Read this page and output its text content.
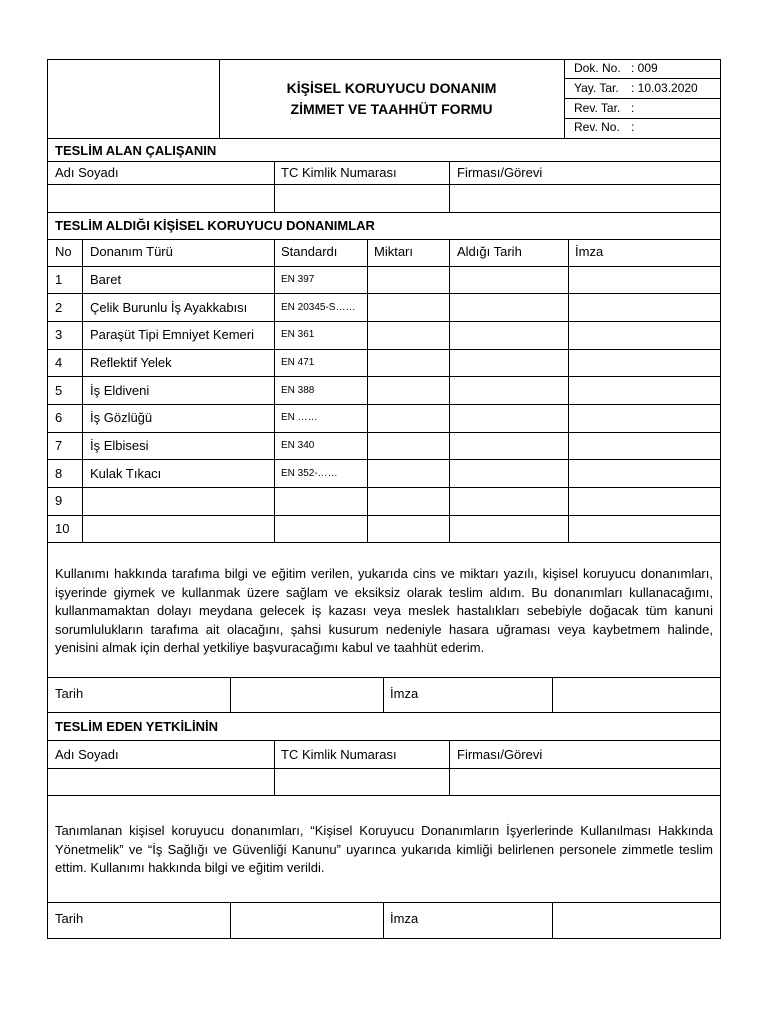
KİŞİSEL KORUYUCU DONANIM
ZİMMET VE TAAHHÜT FORMU
Dok. No. : 009
Yay. Tar. : 10.03.2020
Rev. Tar. :
Rev. No. :
TESLİM ALAN ÇALIŞANIN
Adı Soyadı	TC Kimlik Numarası	Firması/Görevi
TESLİM ALDIĞI KİŞİSEL KORUYUCU DONANIMLAR
No Donanım Türü	Standardı	Miktarı	Aldığı Tarih	İmza
1 Baret	EN 397
2 Çelik Burunlu İş Ayakkabısı	EN 20345-S……
3 Paraşüt Tipi Emniyet Kemeri	EN 361
4 Reflektif Yelek	EN 471
5 İş Eldiveni	EN 388
6 İş Gözlüğü	EN ……
7 İş Elbisesi	EN 340
8 Kulak Tıkacı	EN 352-……
9
10
Kullanımı hakkında tarafıma bilgi ve eğitim verilen, yukarıda cins ve miktarı yazılı, kişisel koruyucu donanımları, işyerinde giymek ve kullanmak üzere sağlam ve eksiksiz olarak teslim aldım. Bu donanımları kullanacağımı, kullanmamaktan dolayı meydana gelecek iş kazası veya meslek hastalıkları sebebiyle doğacak tüm kanuni sorumlulukların tarafıma ait olacağını, şahsi kusurum nedeniyle hasara uğraması veya kaybetmem halinde, yenisini almak için derhal yetkiliye başvuracağımı kabul ve taahhüt ederim.
Tarih	İmza
TESLİM EDEN YETKİLİNİN
Adı Soyadı	TC Kimlik Numarası	Firması/Görevi
Tanımlanan kişisel koruyucu donanımları, “Kişisel Koruyucu Donanımların İşyerlerinde Kullanılması Hakkında Yönetmelik” ve “İş Sağlığı ve Güvenliği Kanunu” uyarınca yukarıda kimliği belirlenen personele zimmetle teslim ettim. Kullanımı hakkında bilgi ve eğitim verildi.
Tarih	İmza
